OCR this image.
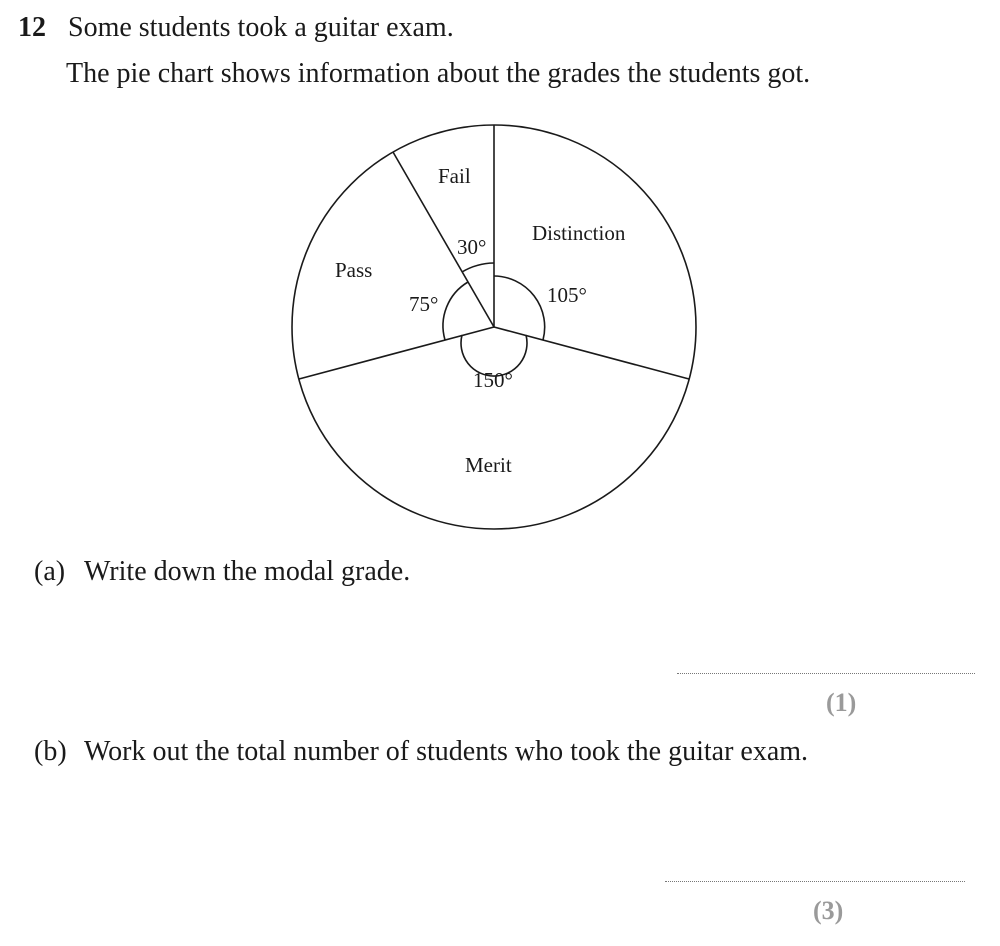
12 Some students took a guitar exam.
The pie chart shows information about the grades the students got.
Fail
Distinction
Merit
Pass
30°
105°
150°
75°
(a) Write down the modal grade.
(1)
(b) Work out the total number of students who took the guitar exam.
(3)
